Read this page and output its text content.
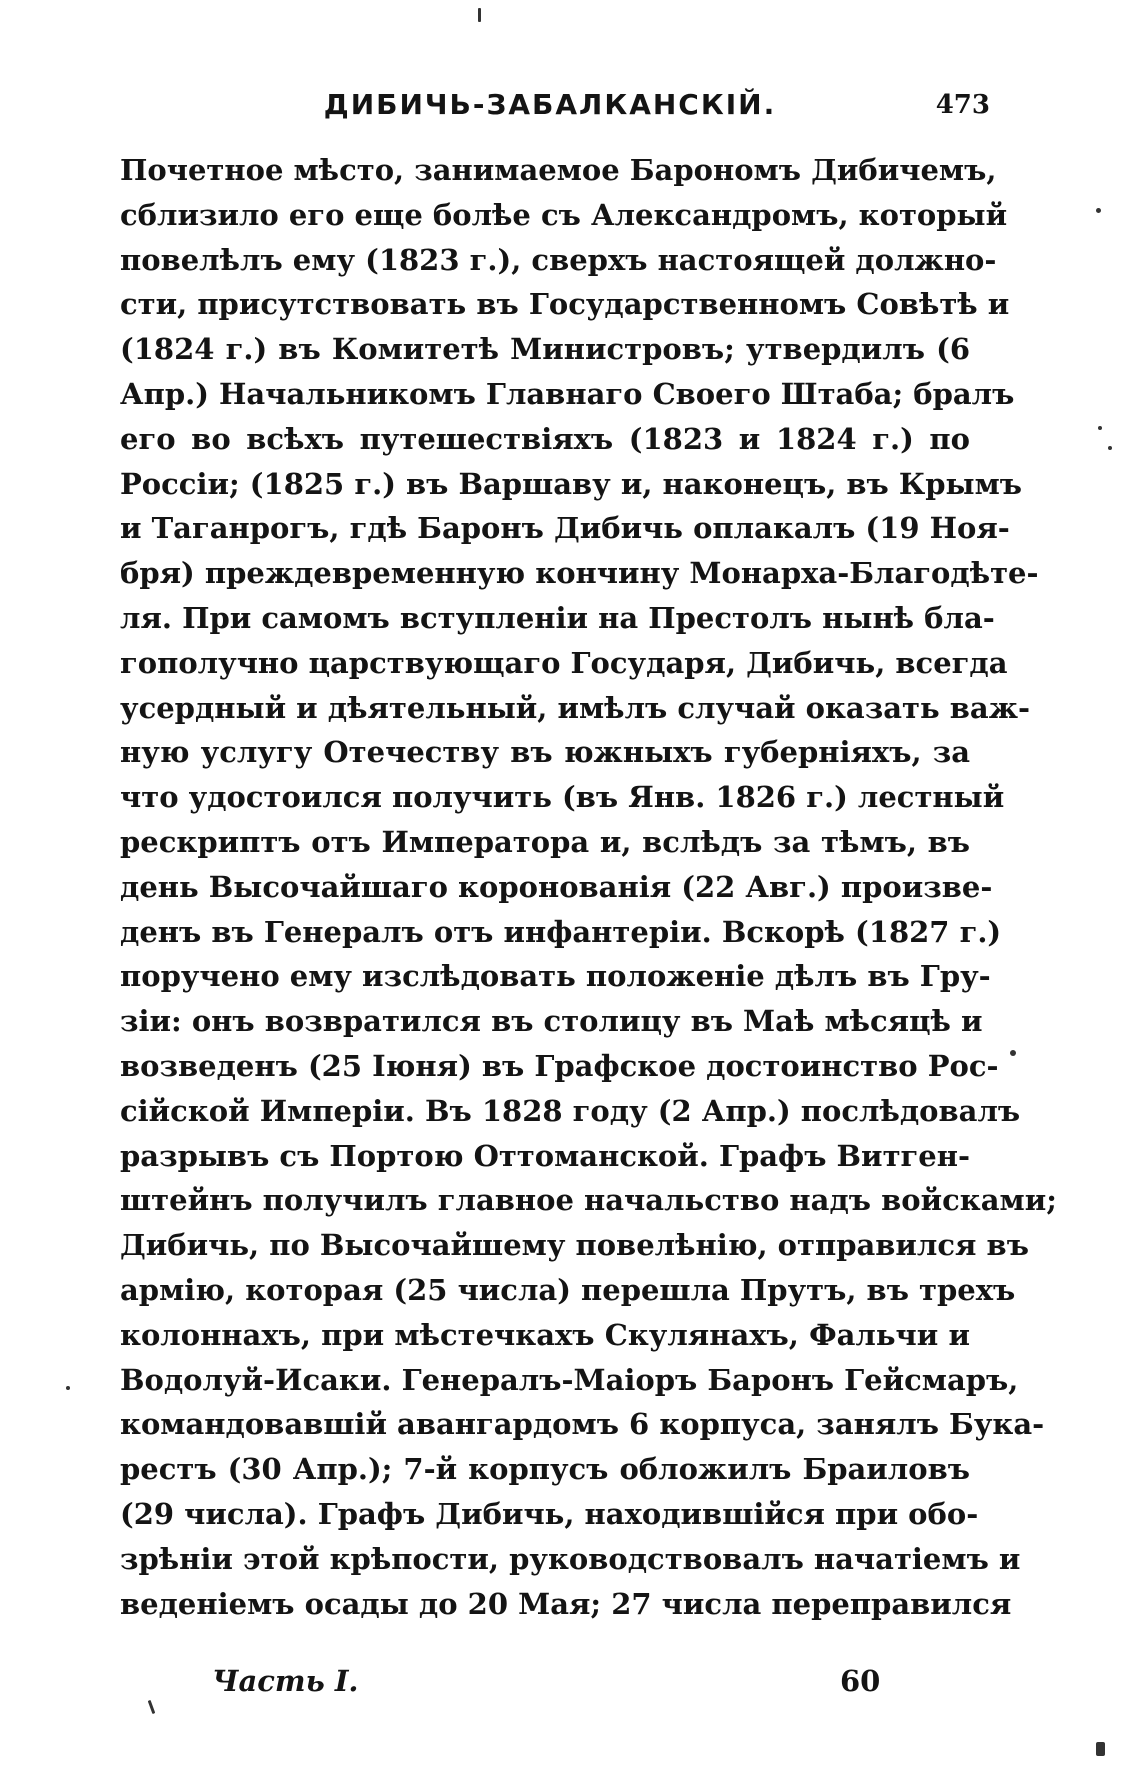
ДИБИЧЬ-ЗАБАЛКАНСКІЙ.	473
Почетное мѣсто, занимаемое Барономъ Дибичемъ,
сблизило его еще болѣе съ Александромъ, который
повелѣлъ ему (1823 г.), сверхъ настоящей должно-
сти, присутствовать въ Государственномъ Совѣтѣ и
(1824 г.) въ Комитетѣ Министровъ; утвердилъ (6
Апр.) Начальникомъ Главнаго Своего Штаба; бралъ
его во всѣхъ путешествіяхъ (1823 и 1824 г.) по
Россіи; (1825 г.) въ Варшаву и, наконецъ, въ Крымъ
и Таганрогъ, гдѣ Баронъ Дибичь оплакалъ (19 Ноя-
бря) преждевременную кончину Монарха-Благодѣте-
ля. При самомъ вступленіи на Престолъ нынѣ бла-
гополучно царствующаго Государя, Дибичь, всегда
усердный и дѣятельный, имѣлъ случай оказать важ-
ную услугу Отечеству въ южныхъ губерніяхъ, за
что удостоился получить (въ Янв. 1826 г.) лестный
рескриптъ отъ Императора и, вслѣдъ за тѣмъ, въ
день Высочайшаго коронованія (22 Авг.) произве-
денъ въ Генералъ отъ инфантеріи. Вскорѣ (1827 г.)
поручено ему изслѣдовать положеніе дѣлъ въ Гру-
зіи: онъ возвратился въ столицу въ Маѣ мѣсяцѣ и
возведенъ (25 Іюня) въ Графское достоинство Рос-
сійской Имперіи. Въ 1828 году (2 Апр.) послѣдовалъ
разрывъ съ Портою Оттоманской. Графъ Витген-
штейнъ получилъ главное начальство надъ войсками;
Дибичь, по Высочайшему повелѣнію, отправился въ
армію, которая (25 числа) перешла Прутъ, въ трехъ
колоннахъ, при мѣстечкахъ Скулянахъ, Фальчи и
Водолуй-Исаки. Генералъ-Маіоръ Баронъ Гейсмаръ,
командовавшій авангардомъ 6 корпуса, занялъ Бука-
рестъ (30 Апр.); 7-й корпусъ обложилъ Браиловъ
(29 числа). Графъ Дибичь, находившійся при обо-
зрѣніи этой крѣпости, руководствовалъ начатіемъ и
веденіемъ осады до 20 Мая; 27 числа переправился
Часть I.	60
